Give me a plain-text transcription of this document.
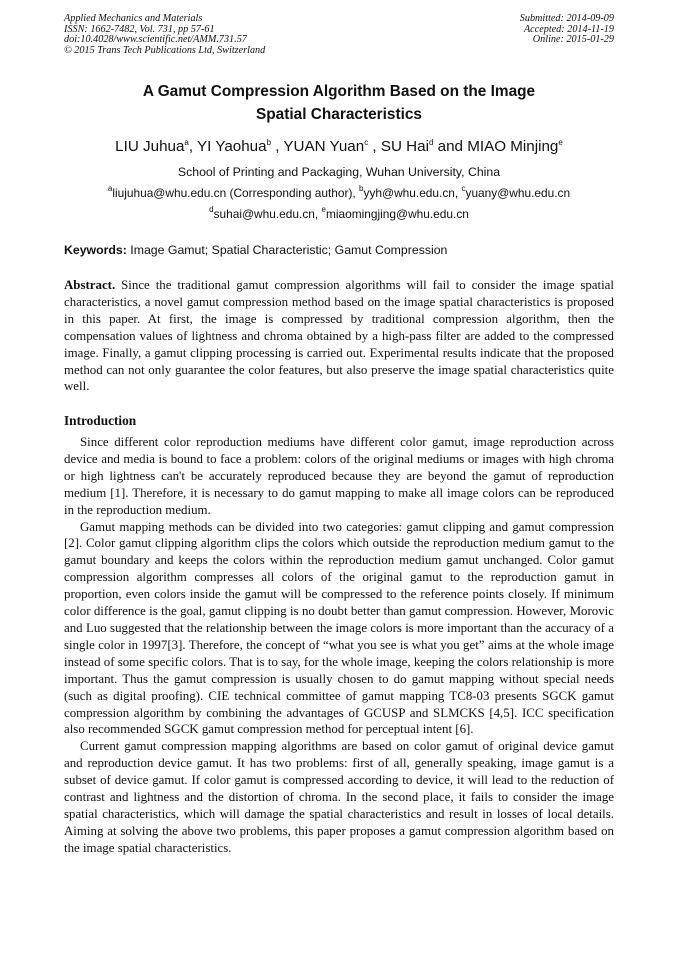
Applied Mechanics and Materials
ISSN: 1662-7482, Vol. 731, pp 57-61
doi:10.4028/www.scientific.net/AMM.731.57
© 2015 Trans Tech Publications Ltd, Switzerland
Submitted: 2014-09-09
Accepted: 2014-11-19
Online: 2015-01-29
A Gamut Compression Algorithm Based on the Image
Spatial Characteristics
LIU Juhua$^a$, YI Yaohua$^b$ , YUAN Yuan$^c$ , SU Hai$^d$ and MIAO Minjing$^e$
School of Printing and Packaging, Wuhan University, China
$^a$liujuhua@whu.edu.cn (Corresponding author), $^b$yyh@whu.edu.cn, $^c$yuany@whu.edu.cn
$^d$suhai@whu.edu.cn, $^e$miaomingjing@whu.edu.cn
Keywords: Image Gamut; Spatial Characteristic; Gamut Compression

Abstract. Since the traditional gamut compression algorithms will fail to consider the image spatial characteristics, a novel gamut compression method based on the image spatial characteristics is proposed in this paper. At first, the image is compressed by traditional compression algorithm, then the compensation values of lightness and chroma obtained by a high-pass filter are added to the compressed image. Finally, a gamut clipping processing is carried out. Experimental results indicate that the proposed method can not only guarantee the color features, but also preserve the image spatial characteristics quite well.

Introduction

Since different color reproduction mediums have different color gamut, image reproduction across device and media is bound to face a problem: colors of the original mediums or images with high chroma or high lightness can't be accurately reproduced because they are beyond the gamut of reproduction medium [1]. Therefore, it is necessary to do gamut mapping to make all image colors can be reproduced in the reproduction medium.

Gamut mapping methods can be divided into two categories: gamut clipping and gamut compression [2]. Color gamut clipping algorithm clips the colors which outside the reproduction medium gamut to the gamut boundary and keeps the colors within the reproduction medium gamut unchanged. Color gamut compression algorithm compresses all colors of the original gamut to the reproduction gamut in proportion, even colors inside the gamut will be compressed to the reference points closely. If minimum color difference is the goal, gamut clipping is no doubt better than gamut compression. However, Morovic and Luo suggested that the relationship between the image colors is more important than the accuracy of a single color in 1997[3]. Therefore, the concept of “what you see is what you get” aims at the whole image instead of some specific colors. That is to say, for the whole image, keeping the colors relationship is more important. Thus the gamut compression is usually chosen to do gamut mapping without special needs (such as digital proofing). CIE technical committee of gamut mapping TC8-03 presents SGCK gamut compression algorithm by combining the advantages of GCUSP and SLMCKS [4,5]. ICC specification also recommended SGCK gamut compression method for perceptual intent [6].

Current gamut compression mapping algorithms are based on color gamut of original device gamut and reproduction device gamut. It has two problems: first of all, generally speaking, image gamut is a subset of device gamut. If color gamut is compressed according to device, it will lead to the reduction of contrast and lightness and the distortion of chroma. In the second place, it fails to consider the image spatial characteristics, which will damage the spatial characteristics and result in losses of local details. Aiming at solving the above two problems, this paper proposes a gamut compression algorithm based on the image spatial characteristics.
